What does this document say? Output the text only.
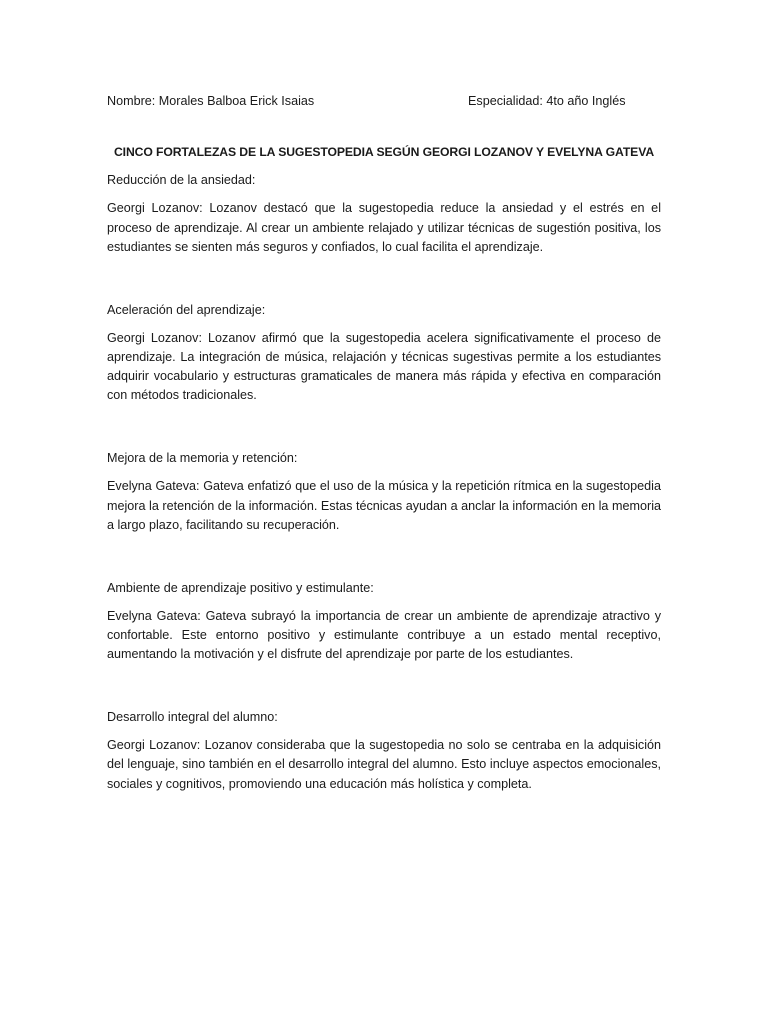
Nombre: Morales Balboa Erick Isaias	Especialidad: 4to año Inglés
CINCO FORTALEZAS DE LA SUGESTOPEDIA SEGÚN GEORGI LOZANOV Y EVELYNA GATEVA

Reducción de la ansiedad:

Georgi Lozanov: Lozanov destacó que la sugestopedia reduce la ansiedad y el estrés en el proceso de aprendizaje. Al crear un ambiente relajado y utilizar técnicas de sugestión positiva, los estudiantes se sienten más seguros y confiados, lo cual facilita el aprendizaje.

Aceleración del aprendizaje:

Georgi Lozanov: Lozanov afirmó que la sugestopedia acelera significativamente el proceso de aprendizaje. La integración de música, relajación y técnicas sugestivas permite a los estudiantes adquirir vocabulario y estructuras gramaticales de manera más rápida y efectiva en comparación con métodos tradicionales.

Mejora de la memoria y retención:

Evelyna Gateva: Gateva enfatizó que el uso de la música y la repetición rítmica en la sugestopedia mejora la retención de la información. Estas técnicas ayudan a anclar la información en la memoria a largo plazo, facilitando su recuperación.

Ambiente de aprendizaje positivo y estimulante:

Evelyna Gateva: Gateva subrayó la importancia de crear un ambiente de aprendizaje atractivo y confortable. Este entorno positivo y estimulante contribuye a un estado mental receptivo, aumentando la motivación y el disfrute del aprendizaje por parte de los estudiantes.

Desarrollo integral del alumno:

Georgi Lozanov: Lozanov consideraba que la sugestopedia no solo se centraba en la adquisición del lenguaje, sino también en el desarrollo integral del alumno. Esto incluye aspectos emocionales, sociales y cognitivos, promoviendo una educación más holística y completa.
